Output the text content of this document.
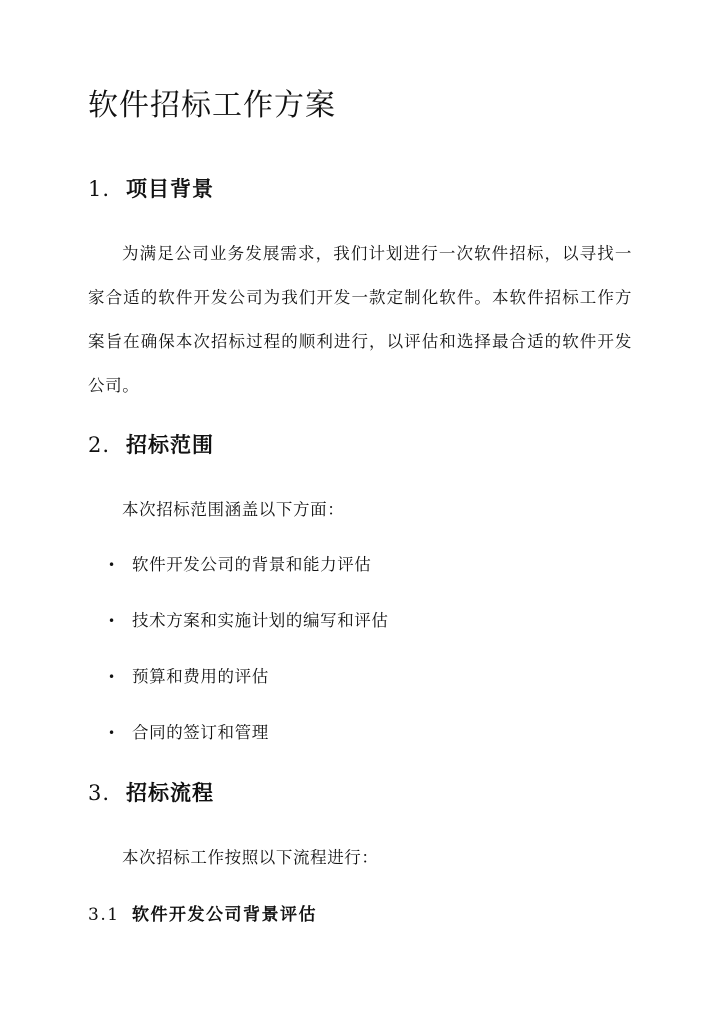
软件招标工作方案
1. 项目背景

为满足公司业务发展需求，我们计划进行一次软件招标，以寻找一家合适的软件开发公司为我们开发一款定制化软件。本软件招标工作方案旨在确保本次招标过程的顺利进行，以评估和选择最合适的软件开发公司。

2. 招标范围

本次招标范围涵盖以下方面：

• 软件开发公司的背景和能力评估
• 技术方案和实施计划的编写和评估
• 预算和费用的评估
• 合同的签订和管理
3. 招标流程

本次招标工作按照以下流程进行：

3.1 软件开发公司背景评估
